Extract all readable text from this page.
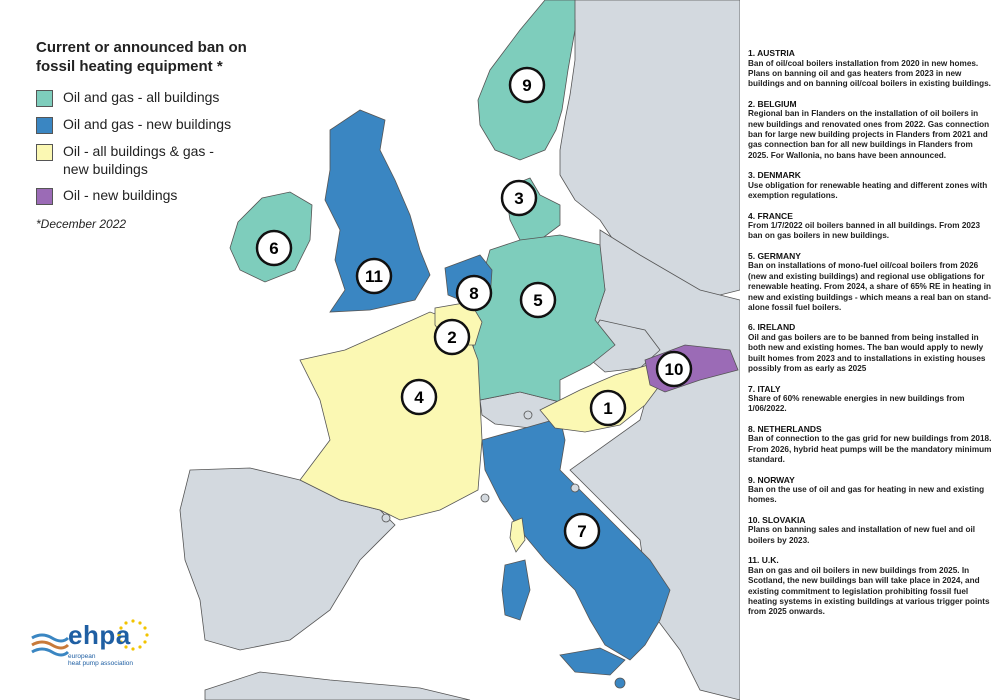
1
2
3
4
5
6
7
8
9
10
11
Current or announced ban on
fossil heating equipment *
Oil and gas - all buildings
Oil and gas - new buildings
Oil - all buildings & gas -
new buildings
Oil - new buildings
*December 2022
1. AUSTRIA
Ban of oil/coal boilers installation from 2020 in new homes. Plans on banning oil and gas heaters from 2023 in new buildings and on banning oil/coal boilers in existing buildings.
2. BELGIUM
Regional ban in Flanders on the installation of oil boilers in new buildings and renovated ones from 2022. Gas connection ban for large new building projects in Flanders from 2021 and gas connection ban for all new buildings in Flanders from 2025. For Wallonia, no bans have been announced.
3. DENMARK
Use obligation for renewable heating and different zones with exemption regulations.
4. FRANCE
From 1/7/2022 oil boilers banned in all buildings. From 2023 ban on gas boilers in new buildings.
5. GERMANY
Ban on installations of mono-fuel oil/coal boilers from 2026 (new and existing buildings) and regional use obligations for renewable heating. From 2024, a share of 65% RE in heating in new and existing buildings - which means a real ban on stand-alone fossil fuel boilers.
6. IRELAND
Oil and gas boilers are to be banned from being installed in both new and existing homes. The ban would apply to newly built homes from 2023 and to installations in existing houses possibly from as early as 2025
7. ITALY
Share of 60% renewable energies in new buildings from 1/06/2022.
8. NETHERLANDS
Ban of connection to the gas grid for new buildings from 2018. From 2026, hybrid heat pumps will be the mandatory minimum standard.
9. NORWAY
Ban on the use of oil and gas for heating in new and existing homes.
10. SLOVAKIA
Plans on banning sales and installation of new fuel and oil boilers by 2023.
11. U.K.
Ban on gas and oil boilers in new buildings from 2025. In Scotland, the new buildings ban will take place in 2024, and existing commitment to legislation prohibiting fossil fuel heating systems in existing buildings at various trigger points from 2025 onwards.
ehpa
european
heat pump association
